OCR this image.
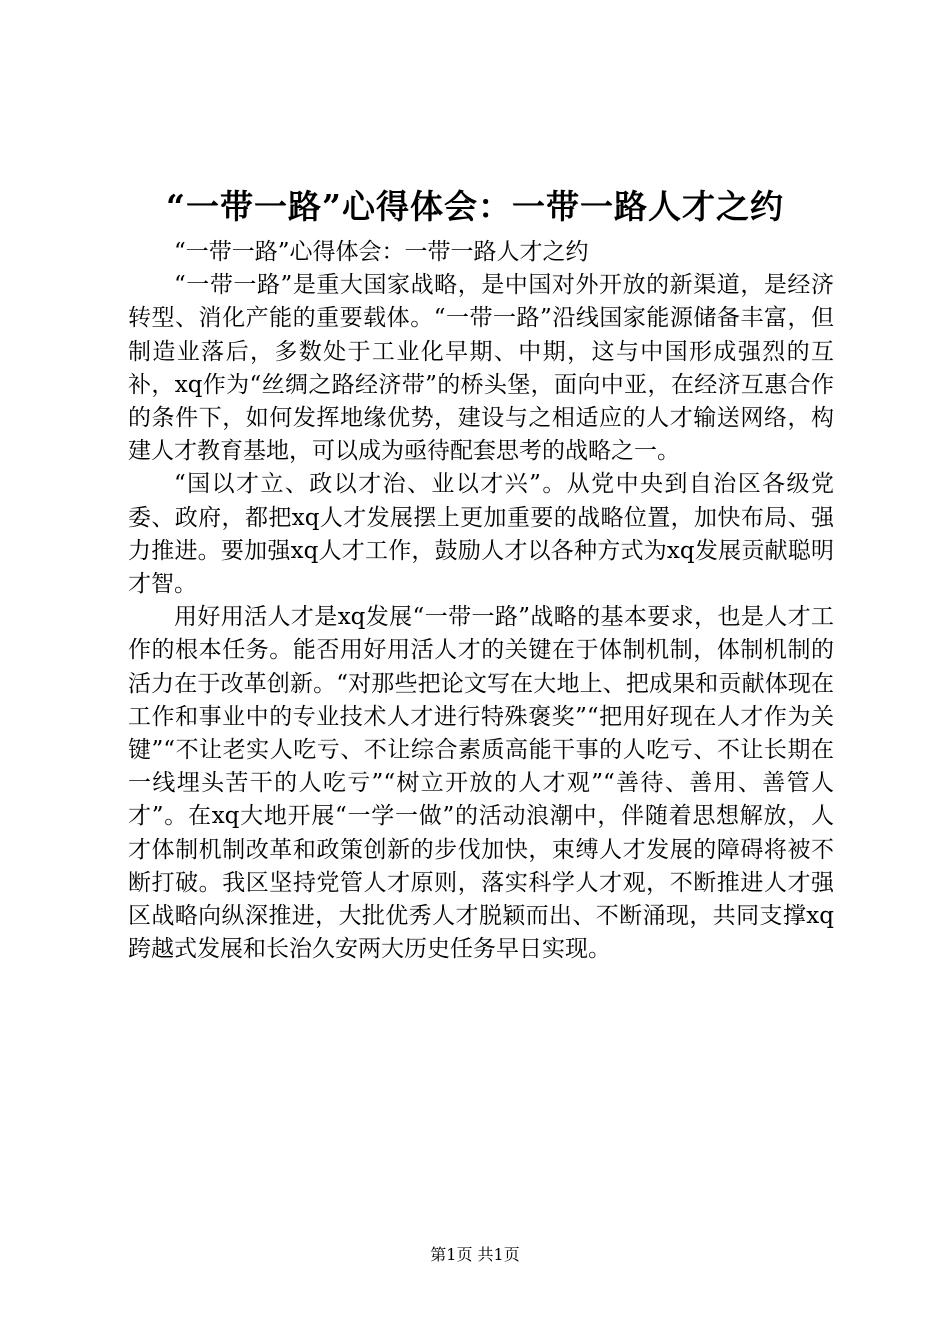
“一带一路”心得体会：一带一路人才之约

“一带一路”心得体会：一带一路人才之约

“一带一路”是重大国家战略，是中国对外开放的新渠道，是经济转型、消化产能的重要载体。“一带一路”沿线国家能源储备丰富，但制造业落后，多数处于工业化早期、中期，这与中国形成强烈的互补，xq作为“丝绸之路经济带”的桥头堡，面向中亚，在经济互惠合作的条件下，如何发挥地缘优势，建设与之相适应的人才输送网络，构建人才教育基地，可以成为亟待配套思考的战略之一。

“国以才立、政以才治、业以才兴”。从党中央到自治区各级党委、政府，都把xq人才发展摆上更加重要的战略位置，加快布局、强力推进。要加强xq人才工作，鼓励人才以各种方式为xq发展贡献聪明才智。

用好用活人才是xq发展“一带一路”战略的基本要求，也是人才工作的根本任务。能否用好用活人才的关键在于体制机制，体制机制的活力在于改革创新。“对那些把论文写在大地上、把成果和贡献体现在工作和事业中的专业技术人才进行特殊褒奖”“把用好现在人才作为关键”“不让老实人吃亏、不让综合素质高能干事的人吃亏、不让长期在一线埋头苦干的人吃亏”“树立开放的人才观”“善待、善用、善管人才”。在xq大地开展“一学一做”的活动浪潮中，伴随着思想解放，人才体制机制改革和政策创新的步伐加快，束缚人才发展的障碍将被不断打破。我区坚持党管人才原则，落实科学人才观，不断推进人才强区战略向纵深推进，大批优秀人才脱颖而出、不断涌现，共同支撑xq跨越式发展和长治久安两大历史任务早日实现。

第1页 共1页
